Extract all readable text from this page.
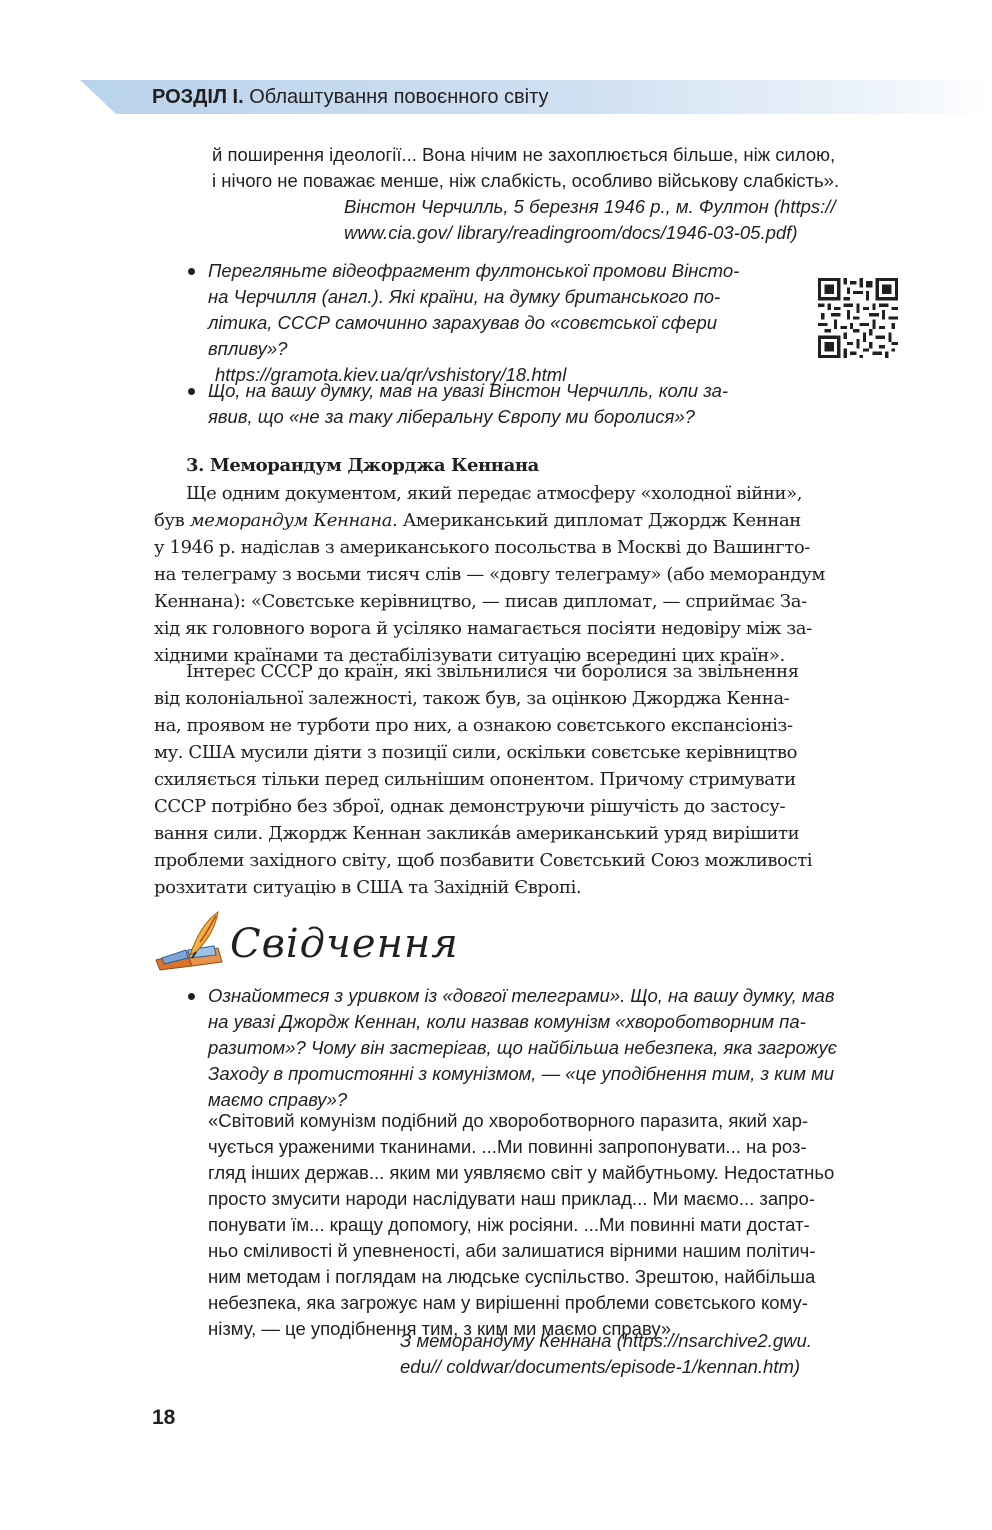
РОЗДІЛ І. Облаштування повоєнного світу
й поширення ідеології... Вона нічим не захоплюється більше, ніж силою,
і нічого не поважає менше, ніж слабкість, особливо військову слабкість».
Вінстон Черчилль, 5 березня 1946 р., м. Фултон (https://
www.cia.gov/ library/readingroom/docs/1946-03-05.pdf)
Перегляньте відеофрагмент фултонської промови Вінсто-
на Черчилля (англ.). Які країни, на думку британського по-
літика, СССР самочинно зарахував до «совєтської сфери
впливу»?
https://gramota.kiev.ua/qr/vshistory/18.html
Що, на вашу думку, мав на увазі Вінстон Черчилль, коли за-
явив, що «не за таку ліберальну Європу ми боролися»?
3. Меморандум Джорджа Кеннана
Ще одним документом, який передає атмосферу «холодної війни»,
був меморандум Кеннана. Американський дипломат Джордж Кеннан
у 1946 р. надіслав з американського посольства в Москві до Вашингто-
на телеграму з восьми тисяч слів — «довгу телеграму» (або меморандум
Кеннана): «Совєтське керівництво, — писав дипломат, — сприймає За-
хід як головного ворога й усіляко намагається посіяти недовіру між за-
хідними країнами та дестабілізувати ситуацію всередині цих країн».
Інтерес СССР до країн, які звільнилися чи боролися за звільнення
від колоніальної залежності, також був, за оцінкою Джорджа Кенна-
на, проявом не турботи про них, а ознакою совєтського експансіоніз-
му. США мусили діяти з позиції сили, оскільки совєтське керівництво
схиляється тільки перед сильнішим опонентом. Причому стримувати
СССР потрібно без зброї, однак демонструючи рішучість до застосу-
вання сили. Джордж Кеннан заклика́в американський уряд вирішити
проблеми західного світу, щоб позбавити Совєтський Союз можливості
розхитати ситуацію в США та Західній Європі.
Свідчення
Ознайомтеся з уривком із «довгої телеграми». Що, на вашу думку, мав
на увазі Джордж Кеннан, коли назвав комунізм «хвороботворним па-
разитом»? Чому він застерігав, що найбільша небезпека, яка загрожує
Заходу в протистоянні з комунізмом, — «це уподібнення тим, з ким ми
маємо справу»?
«Світовий комунізм подібний до хвороботворного паразита, який хар-
чується ураженими тканинами. ...Ми повинні запропонувати... на роз-
гляд інших держав... яким ми уявляємо світ у майбутньому. Недостатньо
просто змусити народи наслідувати наш приклад... Ми маємо... запро-
понувати їм... кращу допомогу, ніж росіяни. ...Ми повинні мати достат-
ньо сміливості й упевненості, аби залишатися вірними нашим політич-
ним методам і поглядам на людське суспільство. Зрештою, найбільша
небезпека, яка загрожує нам у вирішенні проблеми совєтського кому-
нізму, — це уподібнення тим, з ким ми маємо справу».
З меморандуму Кеннана (https://nsarchive2.gwu.
edu// coldwar/documents/episode-1/kennan.htm)
18
